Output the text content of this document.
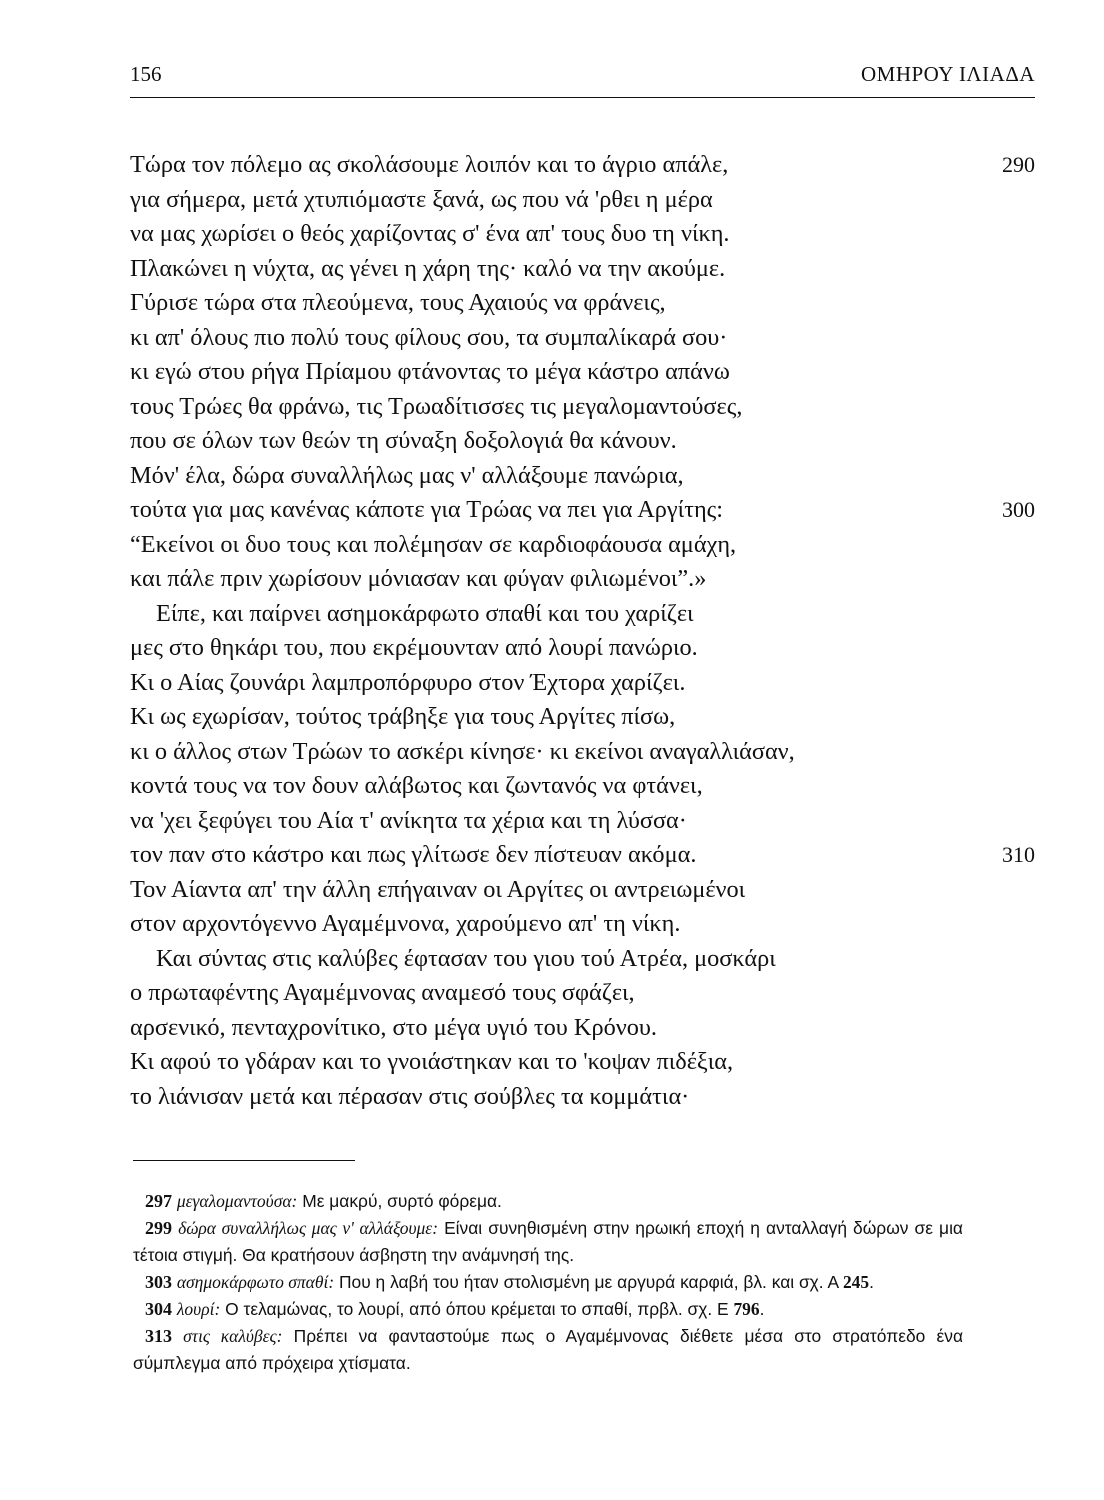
156	ΟΜΗΡΟΥ ΙΛΙΑΔΑ
Τώρα τον πόλεμο ας σκολάσουμε λοιπόν και το άγριο απάλε,	290
για σήμερα, μετά χτυπιόμαστε ξανά, ως που νά 'ρθει η μέρα
να μας χωρίσει ο θεός χαρίζοντας σ' ένα απ' τους δυο τη νίκη.
Πλακώνει η νύχτα, ας γένει η χάρη της· καλό να την ακούμε.
Γύρισε τώρα στα πλεούμενα, τους Αχαιούς να φράνεις,
κι απ' όλους πιο πολύ τους φίλους σου, τα συμπαλίκαρά σου·
κι εγώ στου ρήγα Πρίαμου φτάνοντας το μέγα κάστρο απάνω
τους Τρώες θα φράνω, τις Τρωαδίτισσες τις μεγαλομαντούσες,
που σε όλων των θεών τη σύναξη δοξολογιά θα κάνουν.
Μόν' έλα, δώρα συναλλήλως μας ν' αλλάξουμε πανώρια,
τούτα για μας κανένας κάποτε για Τρώας να πει για Αργίτης:	300
“Εκείνοι οι δυο τους και πολέμησαν σε καρδιοφάουσα αμάχη,
και πάλε πριν χωρίσουν μόνιασαν και φύγαν φιλιωμένοι”.»
Είπε, και παίρνει ασημοκάρφωτο σπαθί και του χαρίζει
μες στο θηκάρι του, που εκρέμουνταν από λουρί πανώριο.
Κι ο Αίας ζουνάρι λαμπροπόρφυρο στον Έχτορα χαρίζει.
Κι ως εχωρίσαν, τούτος τράβηξε για τους Αργίτες πίσω,
κι ο άλλος στων Τρώων το ασκέρι κίνησε· κι εκείνοι αναγαλλιάσαν,
κοντά τους να τον δουν αλάβωτος και ζωντανός να φτάνει,
να 'χει ξεφύγει του Αία τ' ανίκητα τα χέρια και τη λύσσα·
τον παν στο κάστρο και πως γλίτωσε δεν πίστευαν ακόμα.	310
Τον Αίαντα απ' την άλλη επήγαιναν οι Αργίτες οι αντρειωμένοι
στον αρχοντόγεννο Αγαμέμνονα, χαρούμενο απ' τη νίκη.
Και σύντας στις καλύβες έφτασαν του γιου τού Ατρέα, μοσκάρι
ο πρωταφέντης Αγαμέμνονας αναμεσό τους σφάζει,
αρσενικό, πενταχρονίτικο, στο μέγα υγιό του Κρόνου.
Κι αφού το γδάραν και το γνοιάστηκαν και το 'κοψαν πιδέξια,
το λιάνισαν μετά και πέρασαν στις σούβλες τα κομμάτια·
297 μεγαλομαντούσα: Με μακρύ, συρτό φόρεμα.
299 δώρα συναλλήλως μας ν' αλλάξουμε: Είναι συνηθισμένη στην ηρωική εποχή η ανταλλαγή δώρων σε μια τέτοια στιγμή. Θα κρατήσουν άσβηστη την ανάμνησή της.
303 ασημοκάρφωτο σπαθί: Που η λαβή του ήταν στολισμένη με αργυρά καρφιά, βλ. και σχ. Α 245.
304 λουρί: Ο τελαμώνας, το λουρί, από όπου κρέμεται το σπαθί, πρβλ. σχ. Ε 796.
313 στις καλύβες: Πρέπει να φανταστούμε πως ο Αγαμέμνονας διέθετε μέσα στο στρατόπεδο ένα σύμπλεγμα από πρόχειρα χτίσματα.
